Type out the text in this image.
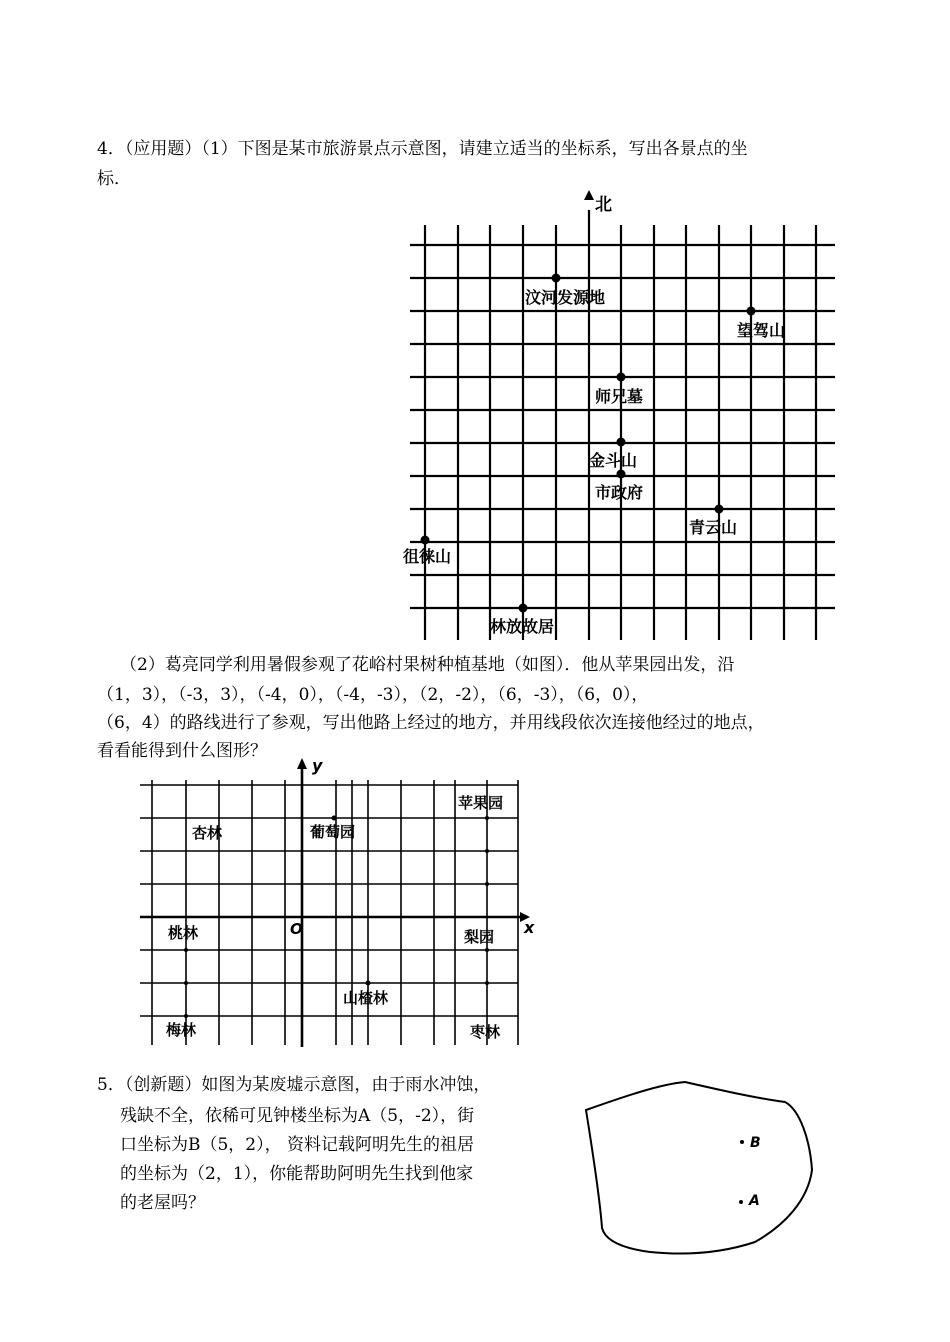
4．（应用题）（1）下图是某市旅游景点示意图，请建立适当的坐标系，写出各景点的坐

标．

北
汶河发源地
望驾山
师兄墓
金斗山
市政府
青云山
徂徕山
林放故居

（2）葛亮同学利用暑假参观了花峪村果树种植基地（如图）．他从苹果园出发，沿

（1，3），（-3，3），（-4，0），（-4，-3），（2，-2），（6，-3），（6，0），

（6，4）的路线进行了参观，写出他路上经过的地方，并用线段依次连接他经过的地点，

看看能得到什么图形？

x
y
O
苹果园
杏林	葡萄园
桃林	梨园
山楂林
梅林	枣林

5．（创新题）如图为某废墟示意图，由于雨水冲蚀，

残缺不全，依稀可见钟楼坐标为A（5，-2），街

口坐标为B（5，2）， 资料记载阿明先生的祖居

的坐标为（2，1），你能帮助阿明先生找到他家

的老屋吗？

B
A
